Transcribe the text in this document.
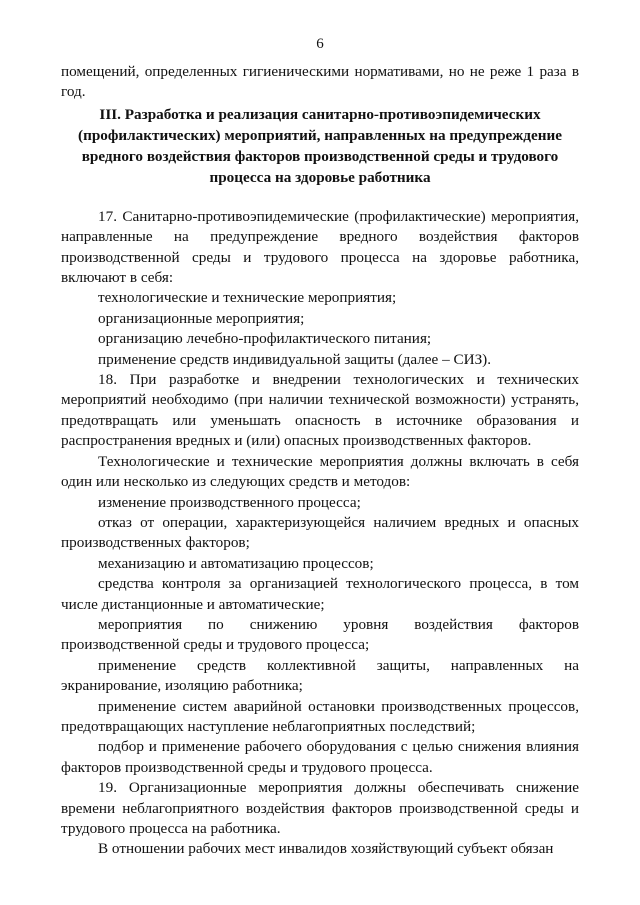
6

помещений, определенных гигиеническими нормативами, но не реже 1 раза в год.

III. Разработка и реализация санитарно-противоэпидемических (профилактических) мероприятий, направленных на предупреждение вредного воздействия факторов производственной среды и трудового процесса на здоровье работника

17. Санитарно-противоэпидемические (профилактические) мероприятия, направленные на предупреждение вредного воздействия факторов производственной среды и трудового процесса на здоровье работника, включают в себя:

технологические и технические мероприятия;

организационные мероприятия;

организацию лечебно-профилактического питания;

применение средств индивидуальной защиты (далее – СИЗ).

18. При разработке и внедрении технологических и технических мероприятий необходимо (при наличии технической возможности) устранять, предотвращать или уменьшать опасность в источнике образования и распространения вредных и (или) опасных производственных факторов.

Технологические и технические мероприятия должны включать в себя один или несколько из следующих средств и методов:

изменение производственного процесса;

отказ от операции, характеризующейся наличием вредных и опасных производственных факторов;

механизацию и автоматизацию процессов;

средства контроля за организацией технологического процесса, в том числе дистанционные и автоматические;

мероприятия по снижению уровня воздействия факторов производственной среды и трудового процесса;

применение средств коллективной защиты, направленных на экранирование, изоляцию работника;

применение систем аварийной остановки производственных процессов, предотвращающих наступление неблагоприятных последствий;

подбор и применение рабочего оборудования с целью снижения влияния факторов производственной среды и трудового процесса.

19. Организационные мероприятия должны обеспечивать снижение времени неблагоприятного воздействия факторов производственной среды и трудового процесса на работника.

В отношении рабочих мест инвалидов хозяйствующий субъект обязан
